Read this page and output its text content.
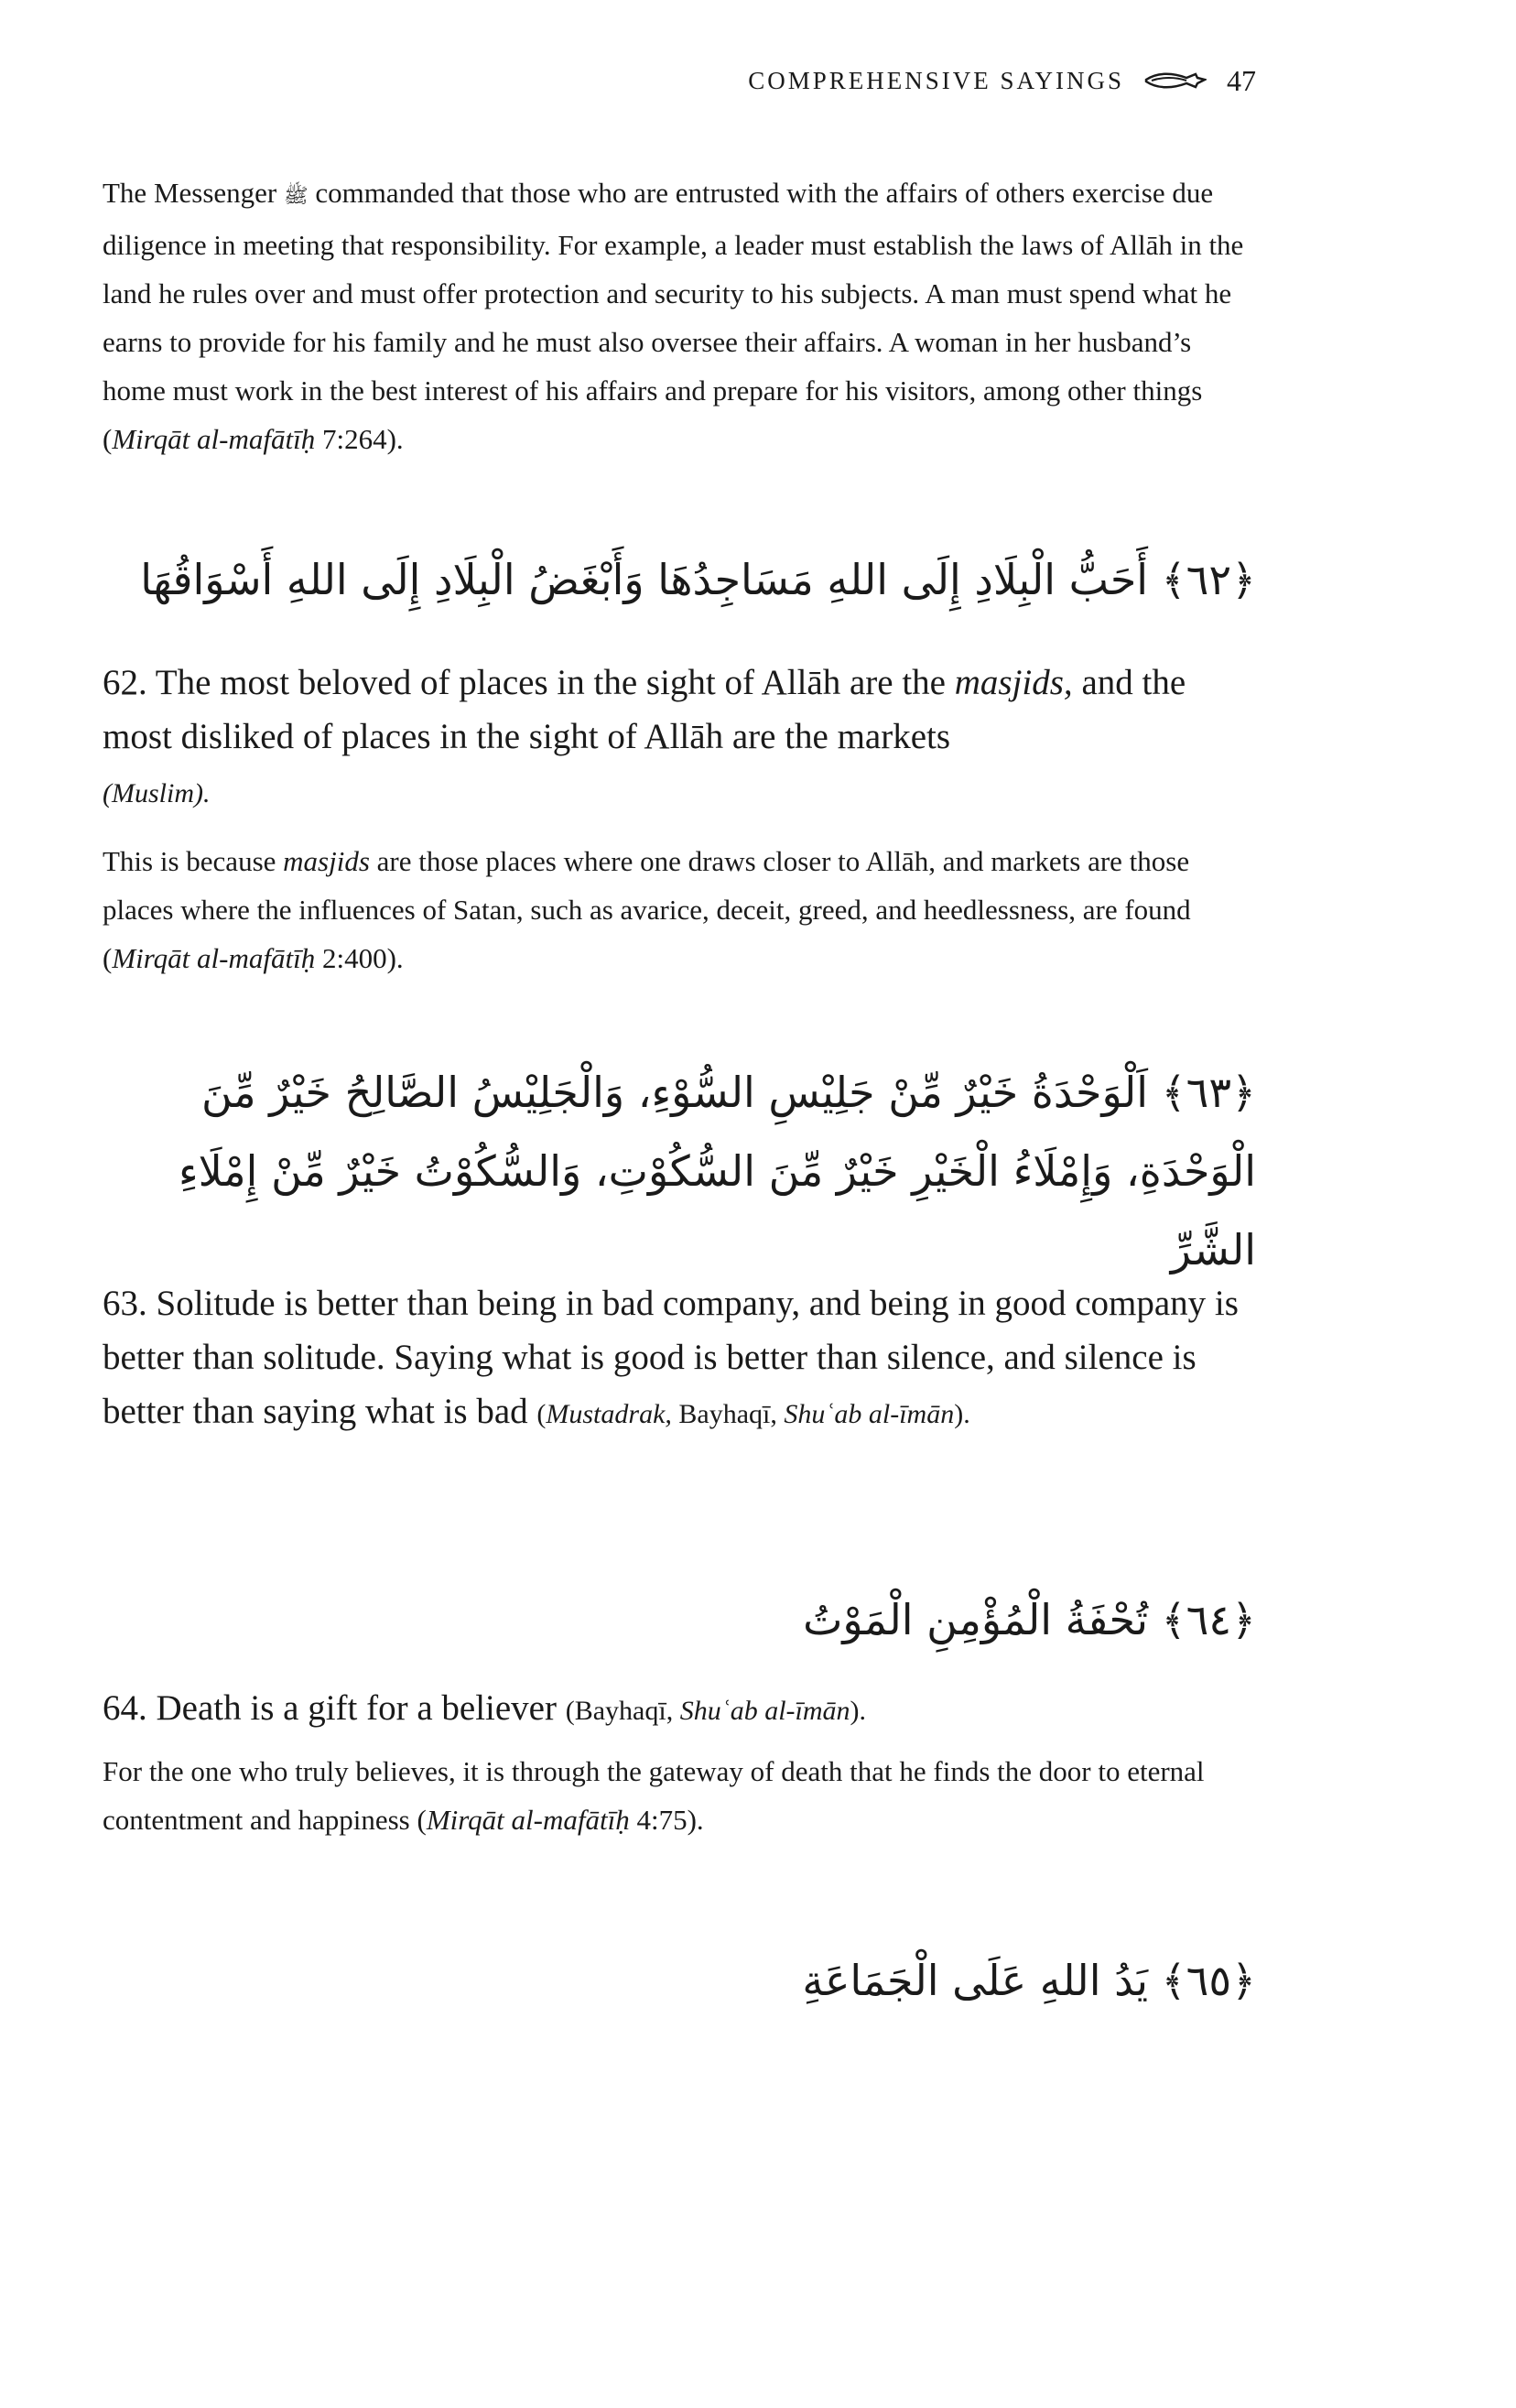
COMPREHENSIVE SAYINGS	47

The Messenger ﷺ commanded that those who are entrusted with the affairs of others exercise due diligence in meeting that responsibility. For example, a leader must establish the laws of Allāh in the land he rules over and must offer protection and security to his subjects. A man must spend what he earns to provide for his family and he must also oversee their affairs. A woman in her husband’s home must work in the best interest of his affairs and prepare for his visitors, among other things (Mirqāt al-mafātīḥ 7:264).

﴿٦٢﴾ أَحَبُّ الْبِلَادِ إِلَى اللهِ مَسَاجِدُهَا وَأَبْغَضُ الْبِلَادِ إِلَى اللهِ أَسْوَاقُهَا

62. The most beloved of places in the sight of Allāh are the masjids, and the most disliked of places in the sight of Allāh are the markets
(Muslim).

This is because masjids are those places where one draws closer to Allāh, and markets are those places where the influences of Satan, such as avarice, deceit, greed, and heedlessness, are found (Mirqāt al-mafātīḥ 2:400).

﴿٦٣﴾ اَلْوَحْدَةُ خَيْرٌ مِّنْ جَلِيْسِ السُّوْءِ، وَالْجَلِيْسُ الصَّالِحُ خَيْرٌ مِّنَ الْوَحْدَةِ، وَإِمْلَاءُ الْخَيْرِ خَيْرٌ مِّنَ السُّكُوْتِ، وَالسُّكُوْتُ خَيْرٌ مِّنْ إِمْلَاءِ الشَّرِّ

63. Solitude is better than being in bad company, and being in good company is better than solitude. Saying what is good is better than silence, and silence is better than saying what is bad (Mustadrak, Bayhaqī, Shuʿab al-īmān).

﴿٦٤﴾ تُحْفَةُ الْمُؤْمِنِ الْمَوْتُ

64. Death is a gift for a believer (Bayhaqī, Shuʿab al-īmān).

For the one who truly believes, it is through the gateway of death that he finds the door to eternal contentment and happiness (Mirqāt al-mafātīḥ 4:75).

﴿٦٥﴾ يَدُ اللهِ عَلَى الْجَمَاعَةِ
